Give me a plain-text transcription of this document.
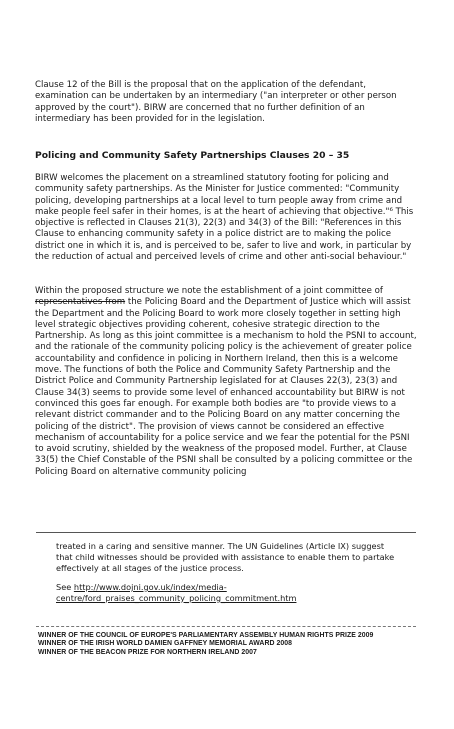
Clause 12 of the Bill is the proposal that on the application of the defendant, examination can be undertaken by an intermediary ("an interpreter or other person approved by the court"). BIRW are concerned that no further definition of an intermediary has been provided for in the legislation.

Policing and Community Safety Partnerships Clauses 20 – 35

BIRW welcomes the placement on a streamlined statutory footing for policing and community safety partnerships. As the Minister for Justice commented: "Community policing, developing partnerships at a local level to turn people away from crime and make people feel safer in their homes, is at the heart of achieving that objective."⁶ This objective is reflected in Clauses 21(3), 22(3) and 34(3) of the Bill: "References in this Clause to enhancing community safety in a police district are to making the police district one in which it is, and is perceived to be, safer to live and work, in particular by the reduction of actual and perceived levels of crime and other anti-social behaviour."

Within the proposed structure we note the establishment of a joint committee of representatives from the Policing Board and the Department of Justice which will assist the Department and the Policing Board to work more closely together in setting high level strategic objectives providing coherent, cohesive strategic direction to the Partnership. As long as this joint committee is a mechanism to hold the PSNI to account, and the rationale of the community policing policy is the achievement of greater police accountability and confidence in policing in Northern Ireland, then this is a welcome move. The functions of both the Police and Community Safety Partnership and the District Police and Community Partnership legislated for at Clauses 22(3), 23(3) and Clause 34(3) seems to provide some level of enhanced accountability but BIRW is not convinced this goes far enough. For example both bodies are "to provide views to a relevant district commander and to the Policing Board on any matter concerning the policing of the district". The provision of views cannot be considered an effective mechanism of accountability for a police service and we fear the potential for the PSNI to avoid scrutiny, shielded by the weakness of the proposed model. Further, at Clause 33(5) the Chief Constable of the PSNI shall be consulted by a policing committee or the Policing Board on alternative community policing

treated in a caring and sensitive manner. The UN Guidelines (Article IX) suggest that child witnesses should be provided with assistance to enable them to partake effectively at all stages of the justice process.

See http://www.dojni.gov.uk/index/media-centre/ford_praises_community_policing_commitment.htm

WINNER OF THE COUNCIL OF EUROPE'S PARLIAMENTARY ASSEMBLY HUMAN RIGHTS PRIZE 2009

WINNER OF THE IRISH WORLD DAMIEN GAFFNEY MEMORIAL AWARD 2008

WINNER OF THE BEACON PRIZE FOR NORTHERN IRELAND 2007
